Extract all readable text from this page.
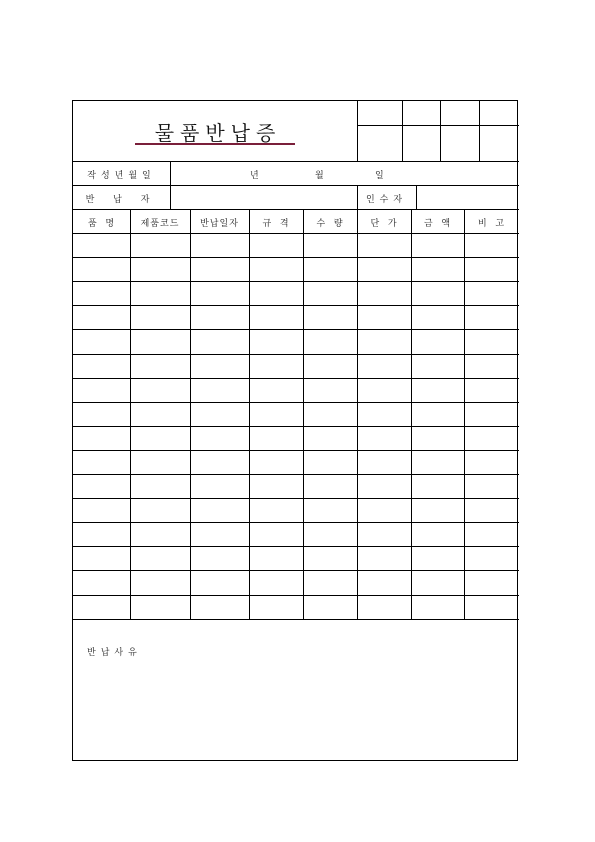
물품반납증
작성년월일	년	월	일
반 납 자	인수자
품  명	제품코드	반납일자	규  격	수  량	단  가	금  액	비  고
반납사유
